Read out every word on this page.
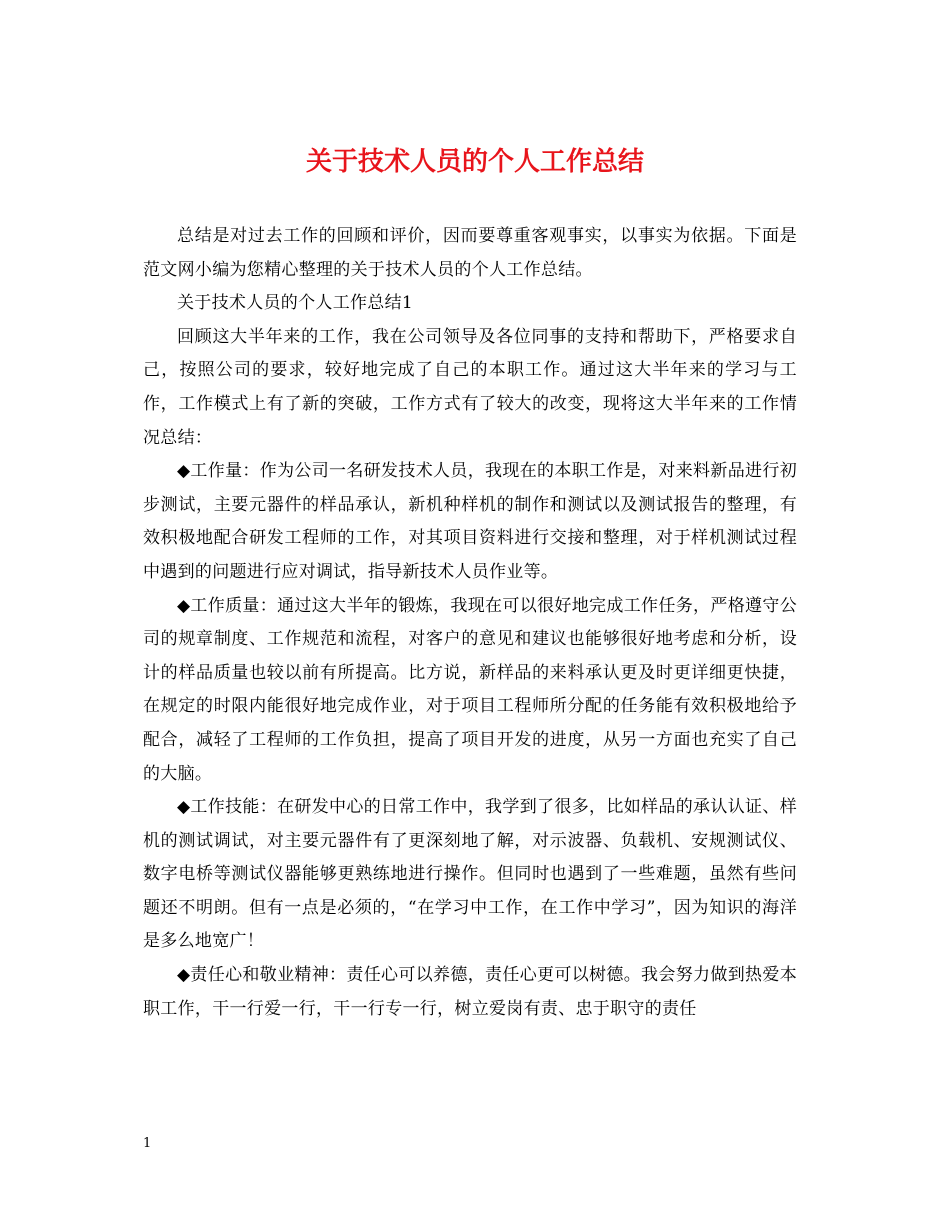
关于技术人员的个人工作总结

总结是对过去工作的回顾和评价，因而要尊重客观事实，以事实为依据。下面是范文网小编为您精心整理的关于技术人员的个人工作总结。

关于技术人员的个人工作总结1

回顾这大半年来的工作，我在公司领导及各位同事的支持和帮助下，严格要求自己，按照公司的要求，较好地完成了自己的本职工作。通过这大半年来的学习与工作，工作模式上有了新的突破，工作方式有了较大的改变，现将这大半年来的工作情况总结：

◆工作量：作为公司一名研发技术人员，我现在的本职工作是，对来料新品进行初步测试，主要元器件的样品承认，新机种样机的制作和测试以及测试报告的整理，有效积极地配合研发工程师的工作，对其项目资料进行交接和整理，对于样机测试过程中遇到的问题进行应对调试，指导新技术人员作业等。

◆工作质量：通过这大半年的锻炼，我现在可以很好地完成工作任务，严格遵守公司的规章制度、工作规范和流程，对客户的意见和建议也能够很好地考虑和分析，设计的样品质量也较以前有所提高。比方说，新样品的来料承认更及时更详细更快捷，在规定的时限内能很好地完成作业，对于项目工程师所分配的任务能有效积极地给予配合，减轻了工程师的工作负担，提高了项目开发的进度，从另一方面也充实了自己的大脑。

◆工作技能：在研发中心的日常工作中，我学到了很多，比如样品的承认认证、样机的测试调试，对主要元器件有了更深刻地了解，对示波器、负载机、安规测试仪、数字电桥等测试仪器能够更熟练地进行操作。但同时也遇到了一些难题，虽然有些问题还不明朗。但有一点是必须的，“在学习中工作，在工作中学习”，因为知识的海洋是多么地宽广！

◆责任心和敬业精神：责任心可以养德，责任心更可以树德。我会努力做到热爱本职工作，干一行爱一行，干一行专一行，树立爱岗有责、忠于职守的责任

1
